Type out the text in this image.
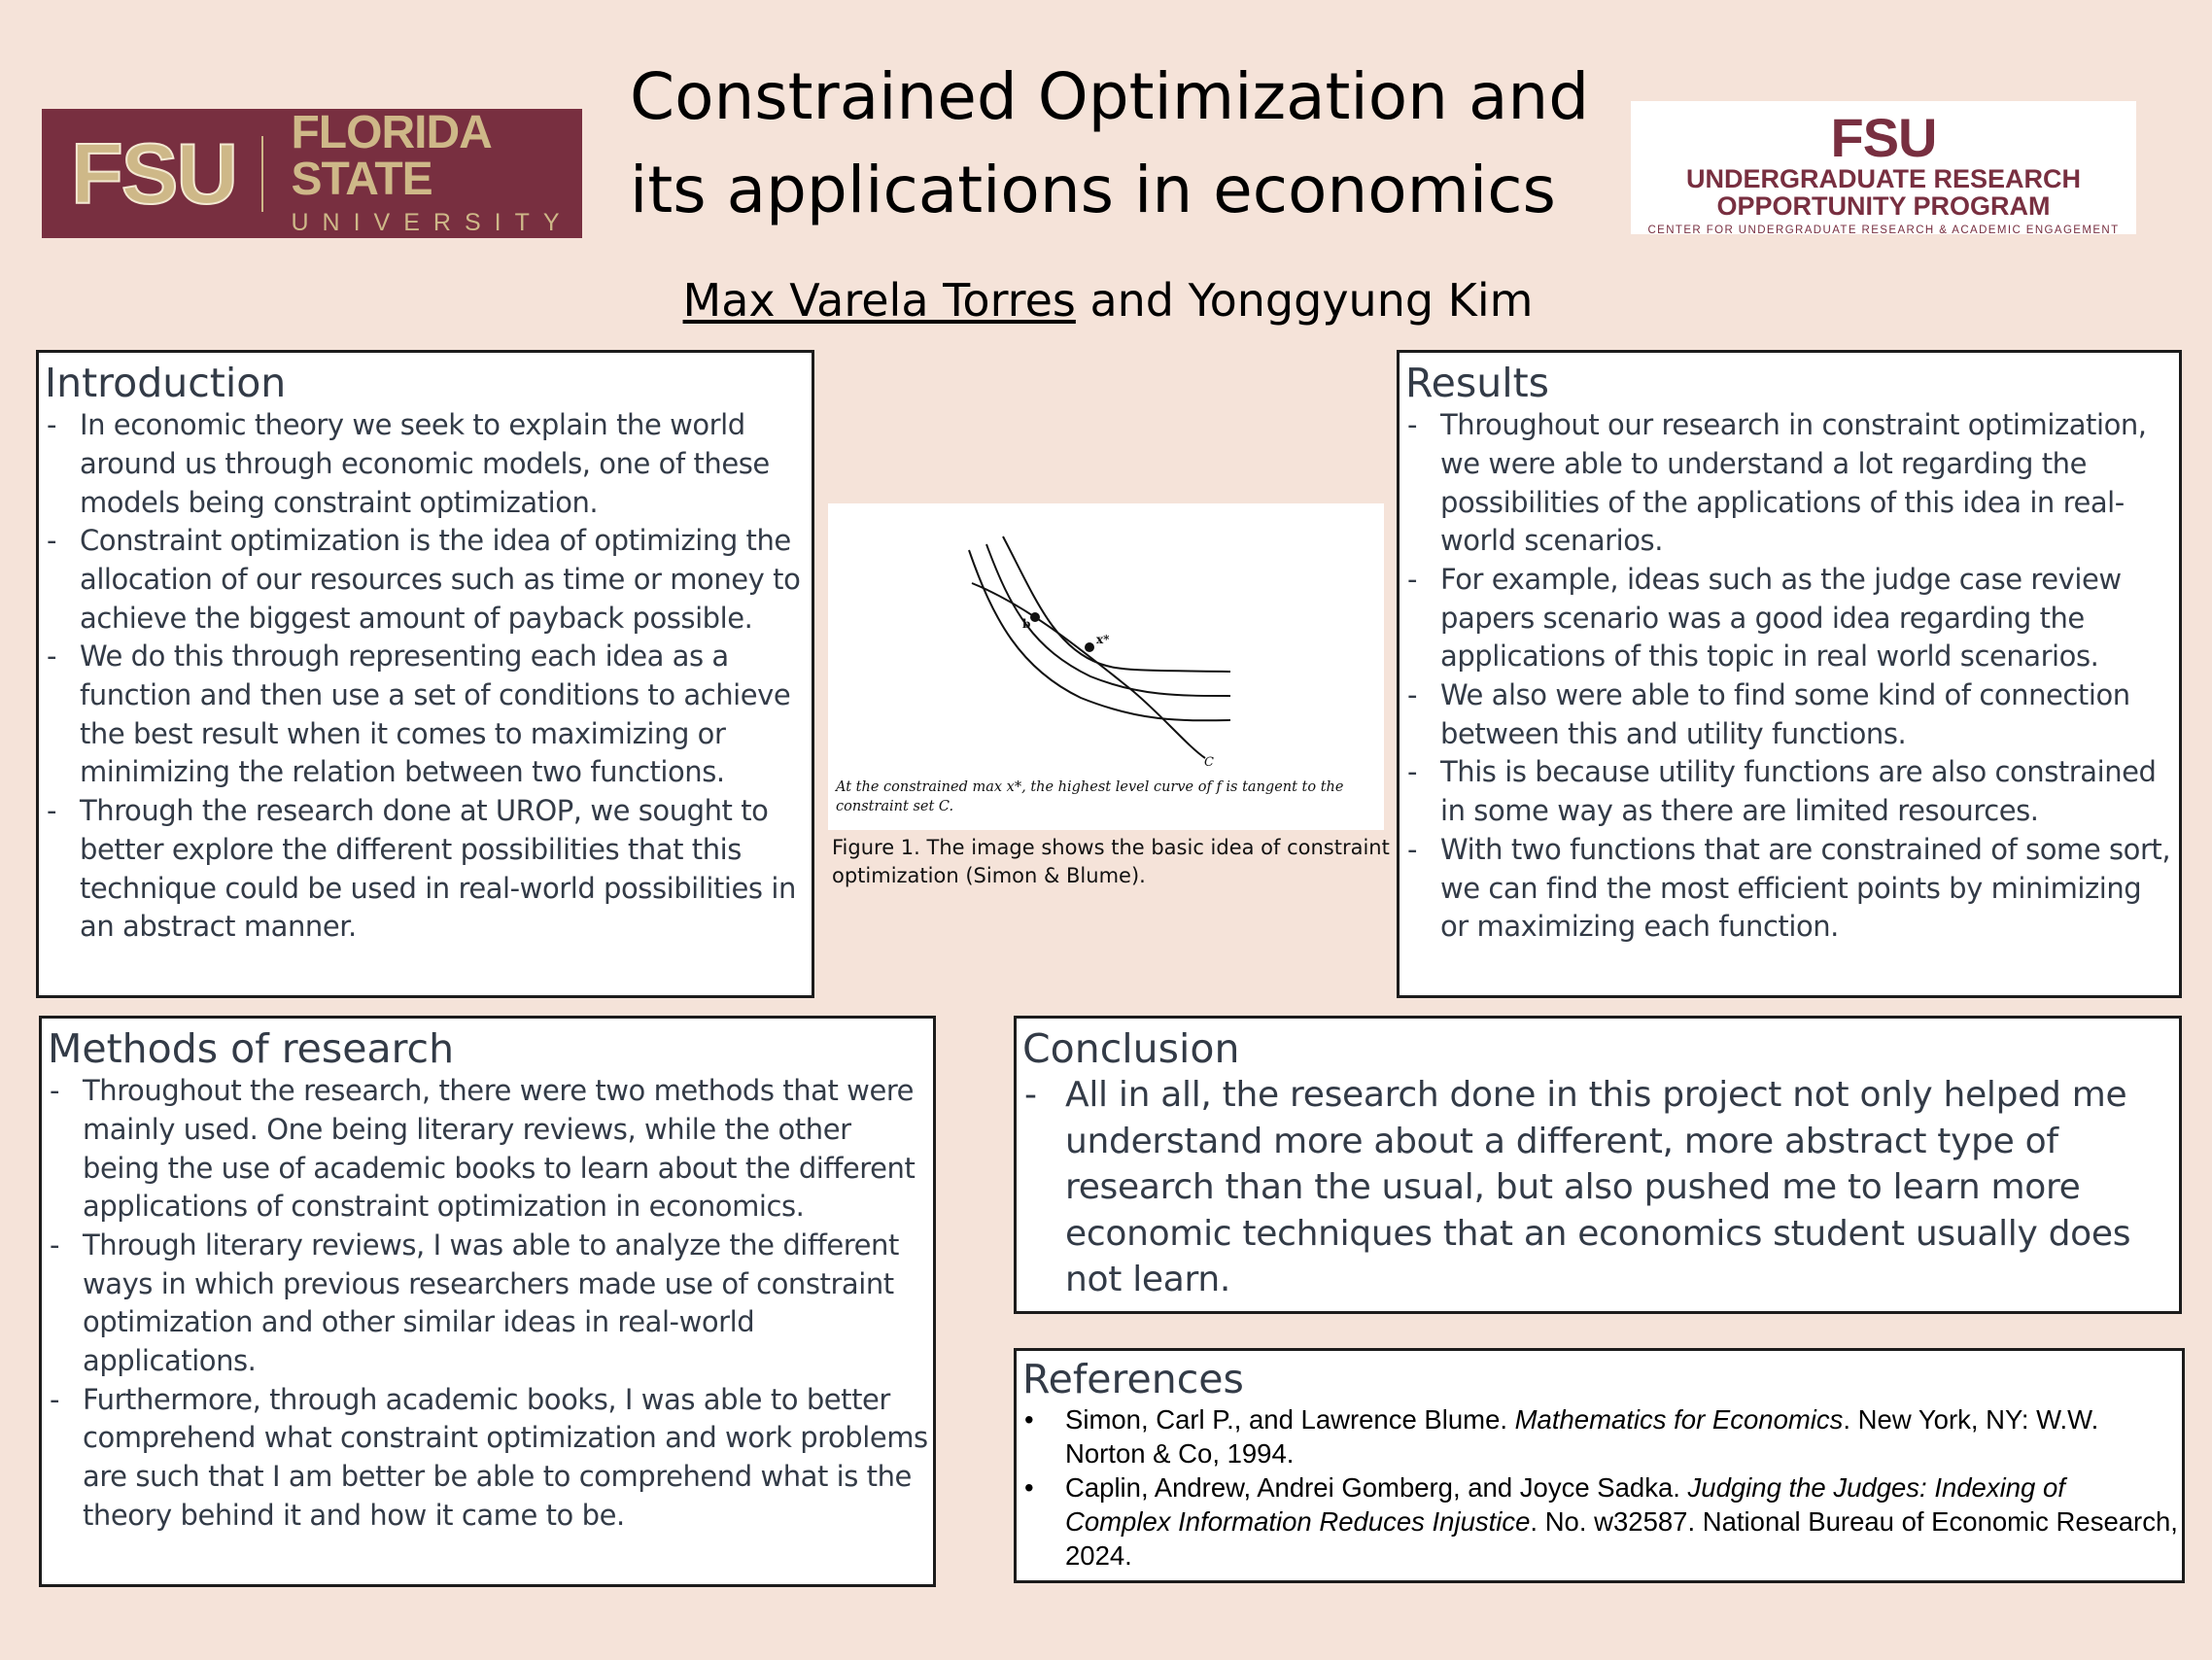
FSU FLORIDA STATE
UNIVERSITY
FSU
UNDERGRADUATE RESEARCH
OPPORTUNITY PROGRAM
CENTER FOR UNDERGRADUATE RESEARCH & ACADEMIC ENGAGEMENT
Constrained Optimization and
its applications in economics
Max Varela Torres and Yonggyung Kim
Introduction
- In economic theory we seek to explain the world around us through economic models, one of these models being constraint optimization.
- Constraint optimization is the idea of optimizing the allocation of our resources such as time or money to achieve the biggest amount of payback possible.
- We do this through representing each idea as a function and then use a set of conditions to achieve the best result when it comes to maximizing or minimizing the relation between two functions.
- Through the research done at UROP, we sought to better explore the different possibilities that this technique could be used in real-world possibilities in an abstract manner.
b
x*
C
At the constrained max x*, the highest level curve of f is tangent to the constraint set C.
Figure 1. The image shows the basic idea of constraint optimization (Simon & Blume).
Results
- Throughout our research in constraint optimization, we were able to understand a lot regarding the possibilities of the applications of this idea in real-world scenarios.
- For example, ideas such as the judge case review papers scenario was a good idea regarding the applications of this topic in real world scenarios.
- We also were able to find some kind of connection between this and utility functions.
- This is because utility functions are also constrained in some way as there are limited resources.
- With two functions that are constrained of some sort, we can find the most efficient points by minimizing or maximizing each function.
Methods of research
- Throughout the research, there were two methods that were mainly used. One being literary reviews, while the other being the use of academic books to learn about the different applications of constraint optimization in economics.
- Through literary reviews, I was able to analyze the different ways in which previous researchers made use of constraint optimization and other similar ideas in real-world applications.
- Furthermore, through academic books, I was able to better comprehend what constraint optimization and work problems are such that I am better be able to comprehend what is the theory behind it and how it came to be.
Conclusion
- All in all, the research done in this project not only helped me understand more about a different, more abstract type of research than the usual, but also pushed me to learn more economic techniques that an economics student usually does not learn.
References
• Simon, Carl P., and Lawrence Blume. Mathematics for Economics. New York, NY: W.W. Norton & Co, 1994.
• Caplin, Andrew, Andrei Gomberg, and Joyce Sadka. Judging the Judges: Indexing of Complex Information Reduces Injustice. No. w32587. National Bureau of Economic Research, 2024.
